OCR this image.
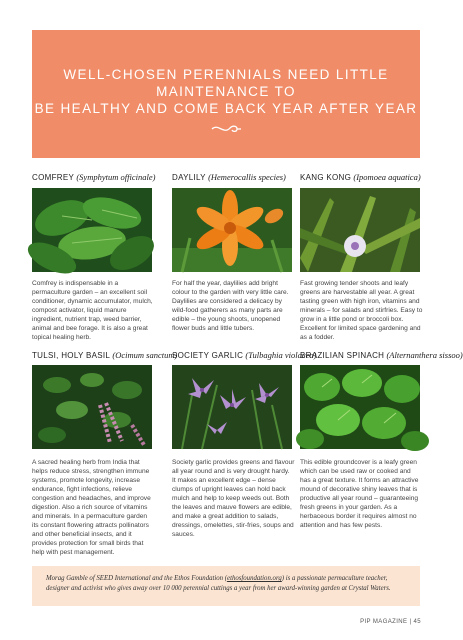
WELL-CHOSEN PERENNIALS NEED LITTLE MAINTENANCE TO
BE HEALTHY AND COME BACK YEAR AFTER YEAR
COMFREY (Symphytum officinale)
Comfrey is indispensable in a permaculture garden – an excellent soil conditioner, dynamic accumulator, mulch, compost activator, liquid manure ingredient, nutrient trap, weed barrier, animal and bee forage. It is also a great topical healing herb.
DAYLILY (Hemerocallis species)
For half the year, daylilies add bright colour to the garden with very little care. Daylilies are considered a delicacy by wild-food gatherers as many parts are edible – the young shoots, unopened flower buds and little tubers.
KANG KONG (Ipomoea aquatica)
Fast growing tender shoots and leafy greens are harvestable all year. A great tasting green with high iron, vitamins and minerals – for salads and stirfries. Easy to grow in a little pond or broccoli box. Excellent for limited space gardening and as a fodder.
TULSI, HOLY BASIL (Ocimum sanctum)
A sacred healing herb from India that helps reduce stress, strengthen immune systems, promote longevity, increase endurance, fight infections, relieve congestion and headaches, and improve digestion. Also a rich source of vitamins and minerals. In a permaculture garden its constant flowering attracts pollinators and other beneficial insects, and it provides protection for small birds that help with pest management.
SOCIETY GARLIC (Tulbaghia violacea)
Society garlic provides greens and flavour all year round and is very drought hardy. It makes an excellent edge – dense clumps of upright leaves can hold back mulch and help to keep weeds out. Both the leaves and mauve flowers are edible, and make a great addition to salads, dressings, omelettes, stir-fries, soups and sauces.
BRAZILIAN SPINACH (Alternanthera sissoo)
This edible groundcover is a leafy green which can be used raw or cooked and has a great texture. It forms an attractive mound of decorative shiny leaves that is productive all year round – guaranteeing fresh greens in your garden. As a herbaceous border it requires almost no attention and has few pests.
Morag Gamble of SEED International and the Ethos Foundation (ethosfoundation.org) is a passionate permaculture teacher, designer and activist who gives away over 10 000 perennial cuttings a year from her award-winning garden at Crystal Waters.
PIP MAGAZINE | 45
